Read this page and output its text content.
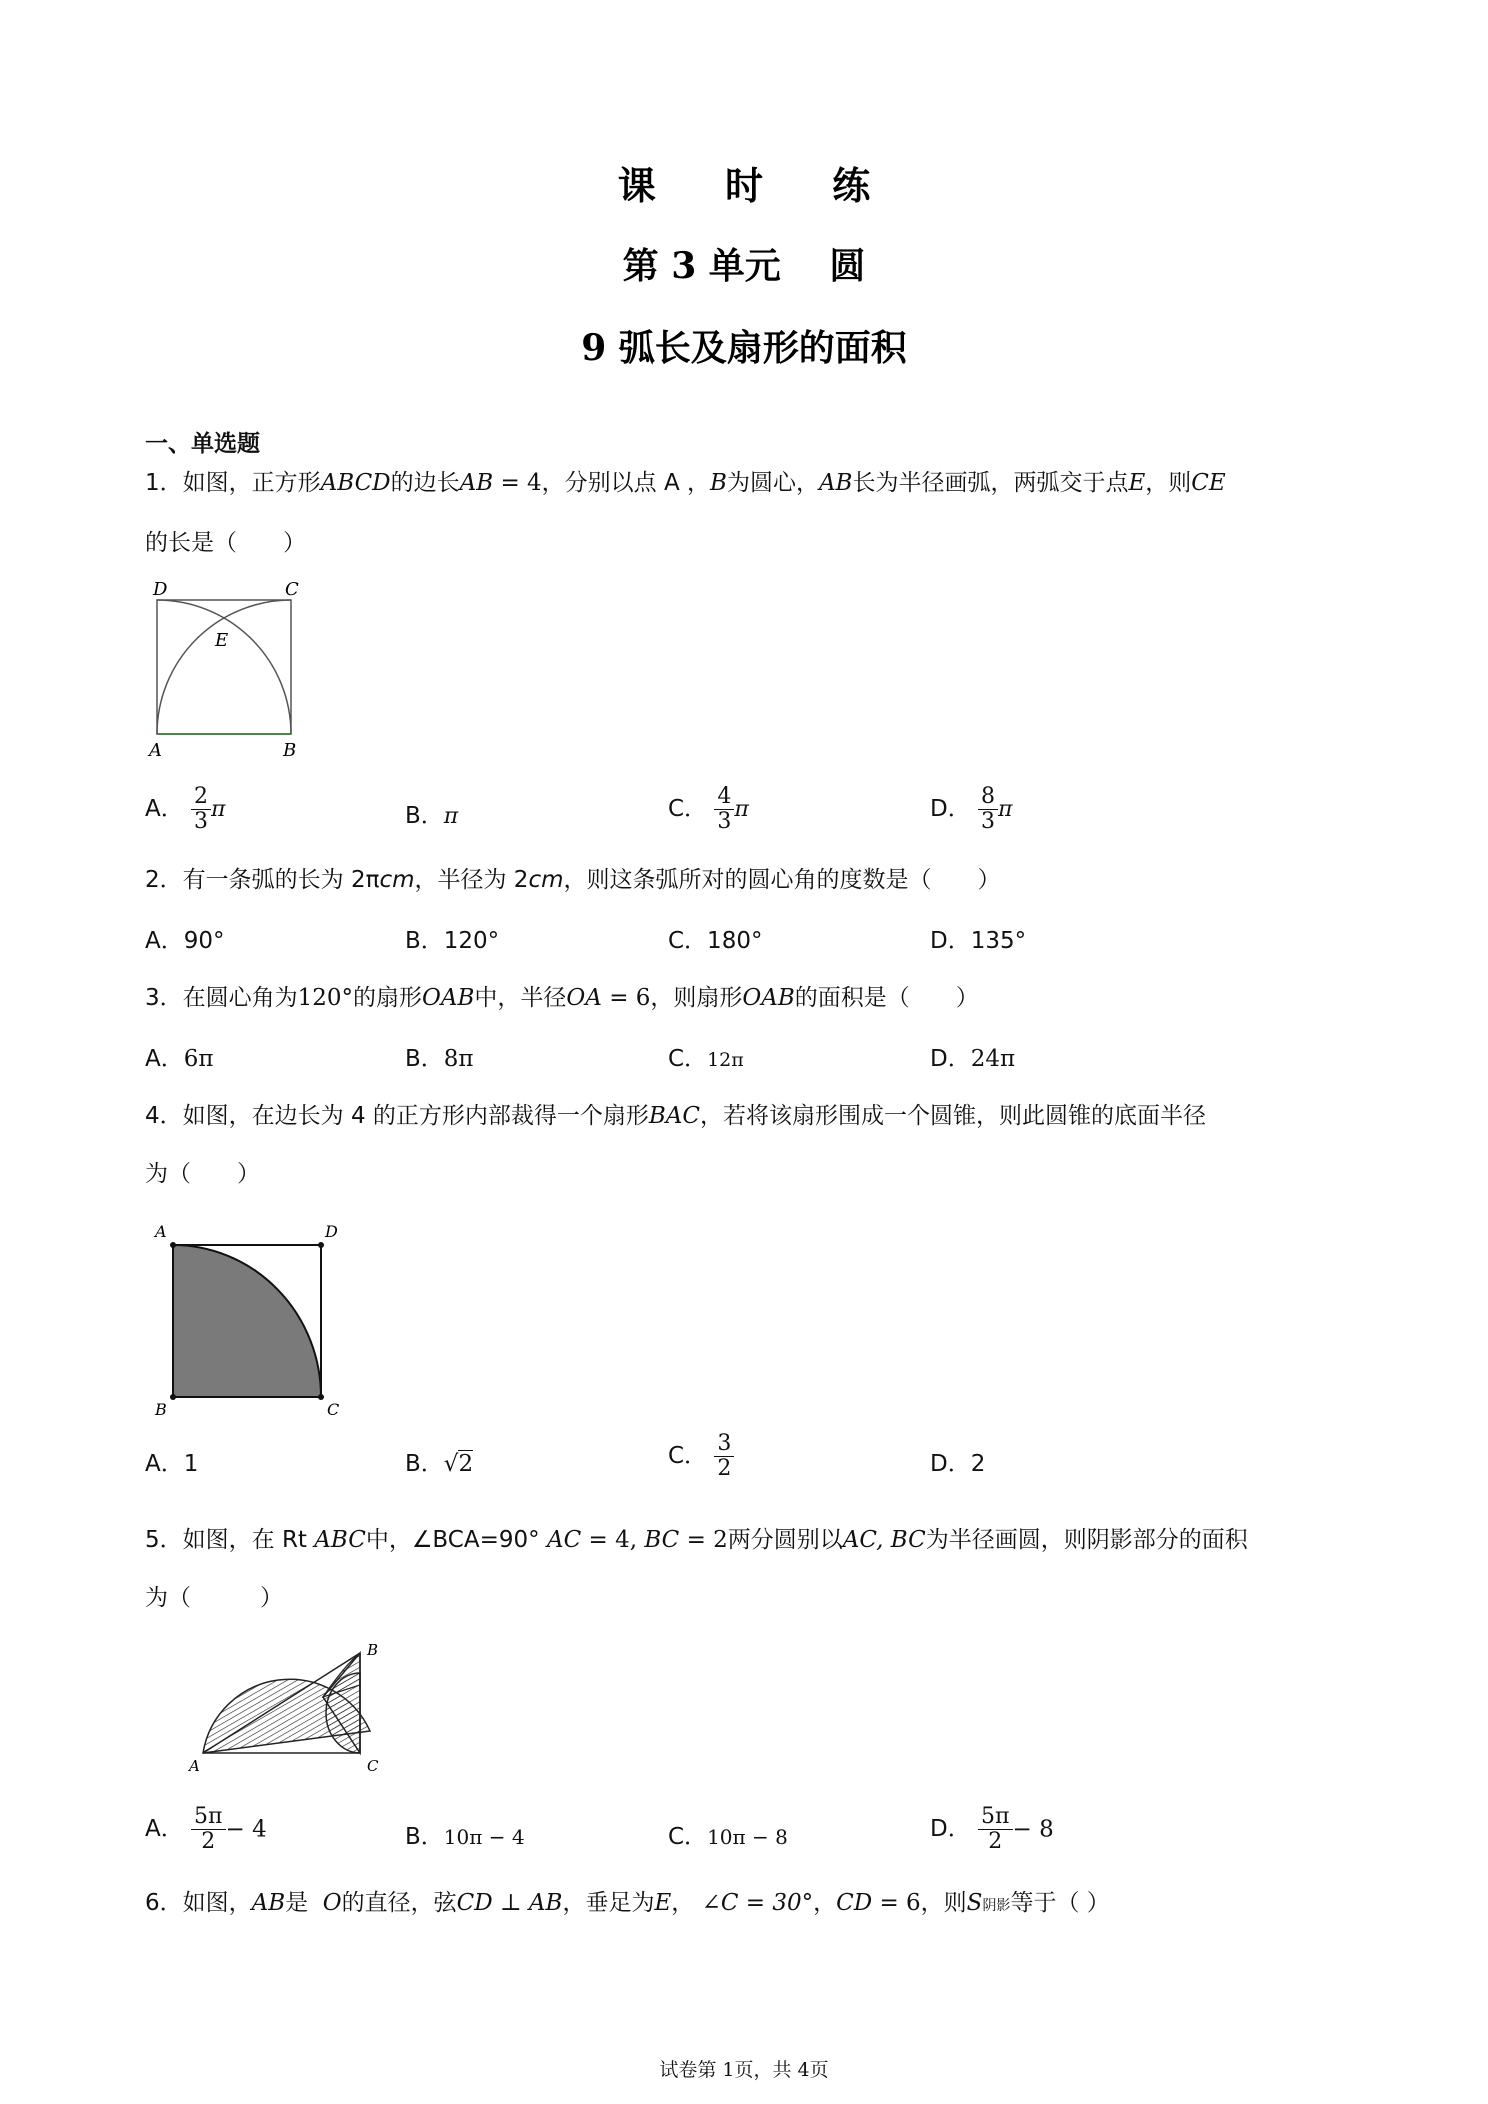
课 时 练
第 3 单元　 圆
9 弧长及扇形的面积
一、单选题
1．如图，正方形ABCD的边长AB = 4，分别以点 A ，B为圆心，AB长为半径画弧，两弧交于点E，则CE
的长是（　　）
D	C
E
A	B
A． $\frac{2}{3}$ π	B．π	C． $\frac{4}{3}$ π	D． $\frac{8}{3}$ π
2．有一条弧的长为 2πcm，半径为 2cm，则这条弧所对的圆心角的度数是（　　）
A．90°	B．120°	C．180°	D．135°
3．在圆心角为120°的扇形OAB中，半径OA = 6，则扇形OAB的面积是（　　）
A．6π	B．8π	C．12π	D．24π
4．如图，在边长为 4 的正方形内部裁得一个扇形BAC，若将该扇形围成一个圆锥，则此圆锥的底面半径
为（　　）
A	D
B	C
A．1	B．√2	C． $\frac{3}{2}$	D．2
5．如图，在 Rt ABC中，∠BCA=90° AC = 4, BC = 2两分圆别以AC, BC为半径画圆，则阴影部分的面积
为（　　　）
A
B
C
A． $\frac{5\pi}{2} - 4$	B．10π − 4	C．10π − 8	D． $\frac{5\pi}{2} - 8$
6．如图，AB是 O的直径，弦CD ⊥ AB，垂足为E， ∠C = 30°，CD = 6，则S阴影等于（ ）
试卷第 1页，共 4页
